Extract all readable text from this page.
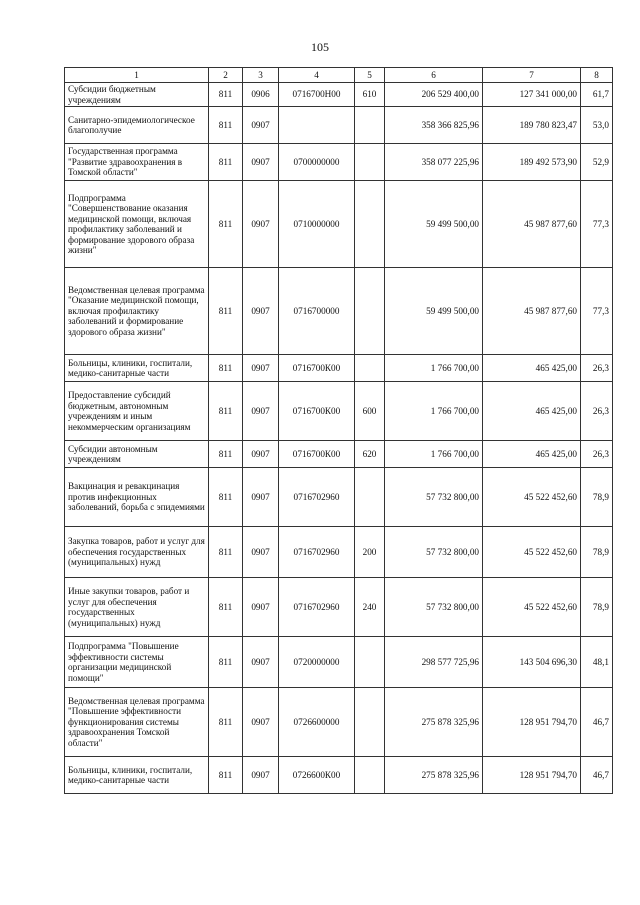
105
1	2	3	4	5	6	7	8
Субсидии бюджетным учреждениям	811	0906	0716700Н00	610	206 529 400,00	127 341 000,00	61,7
Санитарно-эпидемиологическое благополучие	811	0907			358 366 825,96	189 780 823,47	53,0
Государственная программа "Развитие здравоохранения в Томской области"	811	0907	0700000000		358 077 225,96	189 492 573,90	52,9
Подпрограмма "Совершенствование оказания медицинской помощи, включая профилактику заболеваний и формирование здорового образа жизни"	811	0907	0710000000		59 499 500,00	45 987 877,60	77,3
Ведомственная целевая программа "Оказание медицинской помощи, включая профилактику заболеваний и формирование здорового образа жизни"	811	0907	0716700000		59 499 500,00	45 987 877,60	77,3
Больницы, клиники, госпитали, медико-санитарные части	811	0907	0716700К00		1 766 700,00	465 425,00	26,3
Предоставление субсидий бюджетным, автономным учреждениям и иным некоммерческим организациям	811	0907	0716700К00	600	1 766 700,00	465 425,00	26,3
Субсидии автономным учреждениям	811	0907	0716700К00	620	1 766 700,00	465 425,00	26,3
Вакцинация и ревакцинация против инфекционных заболеваний, борьба с эпидемиями	811	0907	0716702960		57 732 800,00	45 522 452,60	78,9
Закупка товаров, работ и услуг для обеспечения государственных (муниципальных) нужд	811	0907	0716702960	200	57 732 800,00	45 522 452,60	78,9
Иные закупки товаров, работ и услуг для обеспечения государственных (муниципальных) нужд	811	0907	0716702960	240	57 732 800,00	45 522 452,60	78,9
Подпрограмма "Повышение эффективности системы организации медицинской помощи"	811	0907	0720000000		298 577 725,96	143 504 696,30	48,1
Ведомственная целевая программа "Повышение эффективности функционирования системы здравоохранения Томской области"	811	0907	0726600000		275 878 325,96	128 951 794,70	46,7
Больницы, клиники, госпитали, медико-санитарные части	811	0907	0726600К00		275 878 325,96	128 951 794,70	46,7
